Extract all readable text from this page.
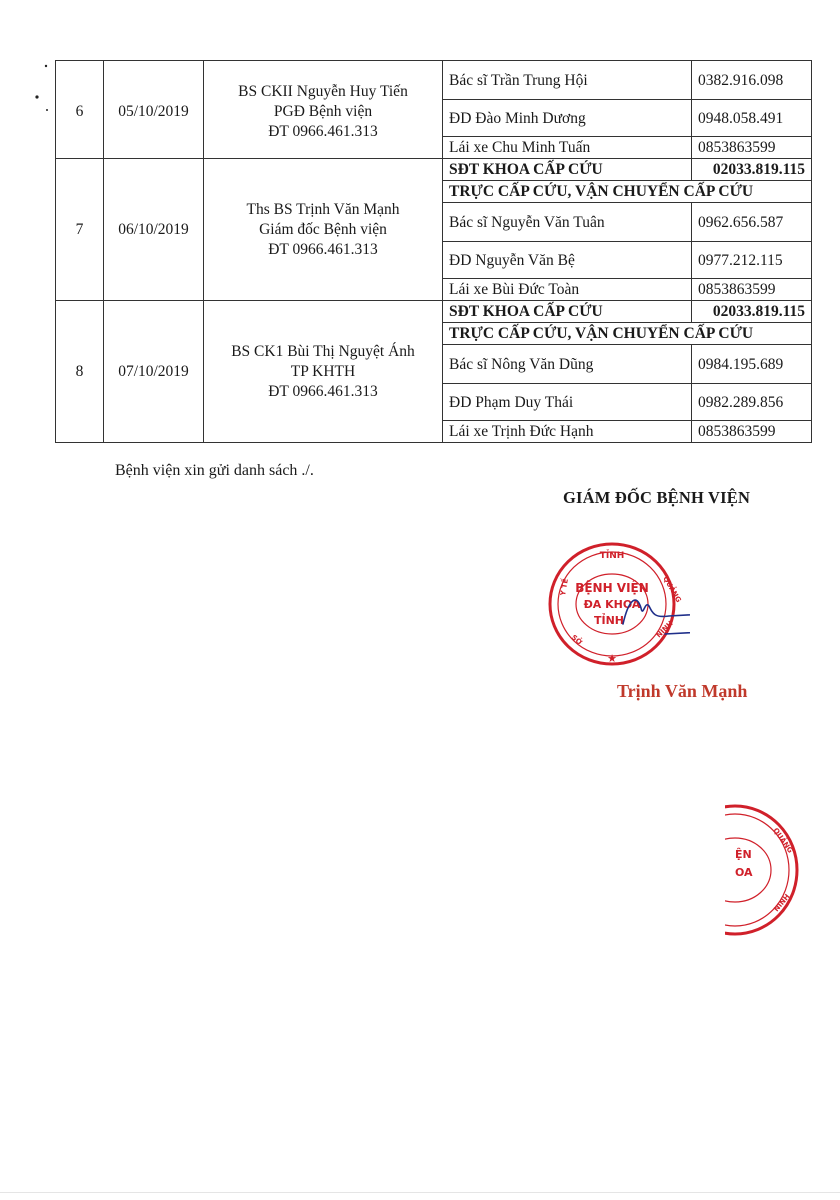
6	05/10/2019	BS CKII Nguyễn Huy Tiến
PGĐ Bệnh viện
ĐT 0966.461.313	Bác sĩ Trần Trung Hội	0382.916.098
			ĐD Đào Minh Dương	0948.058.491
			Lái xe Chu Minh Tuấn	0853863599
7	06/10/2019	Ths BS Trịnh Văn Mạnh
Giám đốc Bệnh viện
ĐT 0966.461.313	SĐT KHOA CẤP CỨU	02033.819.115
			TRỰC CẤP CỨU, VẬN CHUYỂN CẤP CỨU	
			Bác sĩ Nguyễn Văn Tuân	0962.656.587
			ĐD Nguyễn Văn Bệ	0977.212.115
			Lái xe Bùi Đức Toàn	0853863599
8	07/10/2019	BS CK1 Bùi Thị Nguyệt Ánh
TP KHTH
ĐT 0966.461.313	SĐT KHOA CẤP CỨU	02033.819.115
			TRỰC CẤP CỨU, VẬN CHUYỂN CẤP CỨU	
			Bác sĩ Nông Văn Dũng	0984.195.689
			ĐD Phạm Duy Thái	0982.289.856
			Lái xe Trịnh Đức Hạnh	0853863599
Bệnh viện xin gửi danh sách ./.
GIÁM ĐỐC BỆNH VIỆN
TỈNH
BỆNH VIỆN
ĐA KHOA
TỈNH
QUẢNG
NINH
Y TẾ
SỞ
★
Trịnh Văn Mạnh
ỆN
OA
QUẢNG
NINH
